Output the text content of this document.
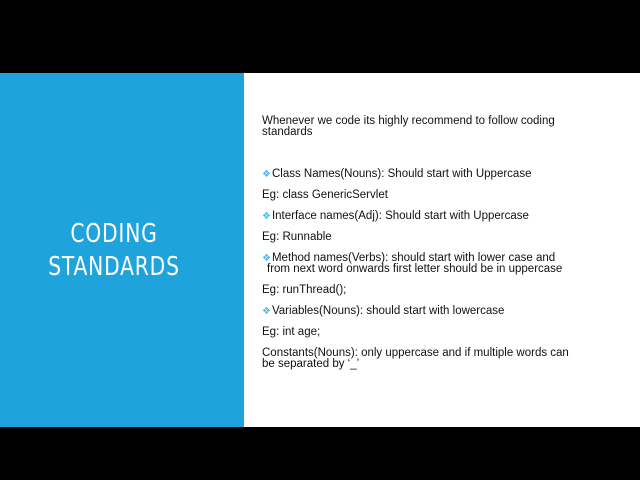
CODING
STANDARDS
Whenever we code its highly recommend to follow coding
standards
❖Class Names(Nouns): Should start with Uppercase
Eg: class GenericServlet
❖Interface names(Adj): Should start with Uppercase
Eg: Runnable
❖Method names(Verbs): should start with lower case and
from next word onwards first letter should be in uppercase
Eg: runThread();
❖Variables(Nouns): should start with lowercase
Eg: int age;
Constants(Nouns): only uppercase and if multiple words can
be separated by ‘_’
